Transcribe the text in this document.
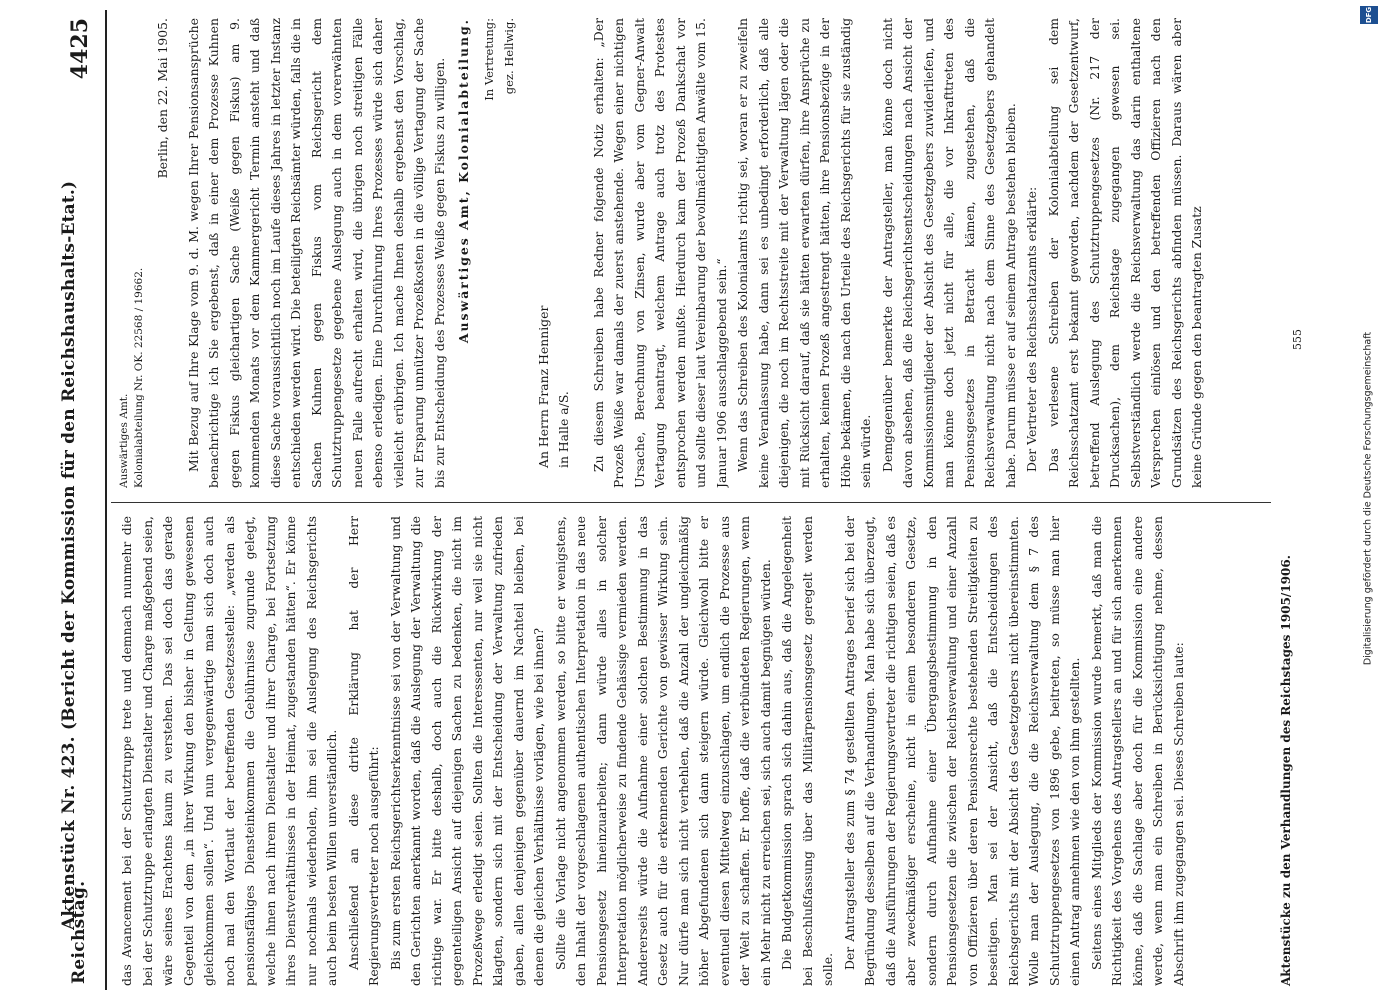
Reichstag.
Aktenstück Nr. 423. (Bericht der Kommission für den Reichshaushalts-Etat.)
4425

das Avancement bei der Schutztruppe trete und demnach nunmehr die bei der Schutztruppe erlangten Dienstalter und Charge maßgebend seien, wäre seines Erachtens kaum zu verstehen. Das sei doch das gerade Gegenteil von dem „in ihrer Wirkung den bisher in Geltung gewesenen gleichkommen sollen“. Und nun vergegenwärtige man sich doch auch noch mal den Wortlaut der betreffenden Gesetzesstelle: „werden als pensionsfähiges Diensteinkommen die Gebührnisse zugrunde gelegt, welche ihnen nach ihrem Dienstalter und ihrer Charge, bei Fortsetzung ihres Dienstverhältnisses in der Heimat, zugestanden hätten“. Er könne nur nochmals wiederholen, ihm sei die Auslegung des Reichsgerichts auch beim besten Willen unverständlich. Anschließend an diese dritte Erklärung hat der Herr Regierungsvertreter noch ausgeführt: Bis zum ersten Reichsgerichtserkenntnisse sei von der Verwaltung und den Gerichten anerkannt worden, daß die Auslegung der Verwaltung die richtige war. Er bitte deshalb, doch auch die Rückwirkung der gegenteiligen Ansicht auf diejenigen Sachen zu bedenken, die nicht im Prozeßwege erledigt seien. Sollten die Interessenten, nur weil sie nicht klagten, sondern sich mit der Entscheidung der Verwaltung zufrieden gaben, allen denjenigen gegenüber dauernd im Nachteil bleiben, bei denen die gleichen Verhältnisse vorlägen, wie bei ihnen? Sollte die Vorlage nicht angenommen werden, so bitte er wenigstens, den Inhalt der vorgeschlagenen authentischen Interpretation in das neue Pensionsgesetz hineinzuarbeiten; dann würde alles in solcher Interpretation möglicherweise zu findende Gehässige vermieden werden. Andererseits würde die Aufnahme einer solchen Bestimmung in das Gesetz auch für die erkennenden Gerichte von gewisser Wirkung sein. Nur dürfe man sich nicht verhehlen, daß die Anzahl der ungleichmäßig höher Abgefundenen sich dann steigern würde. Gleichwohl bitte er eventuell diesen Mittelweg einzuschlagen, um endlich die Prozesse aus der Welt zu schaffen. Er hoffe, daß die verbündeten Regierungen, wenn ein Mehr nicht zu erreichen sei, sich auch damit begnügen würden. Die Budgetkommission sprach sich dahin aus, daß die Angelegenheit bei Beschlußfassung über das Militärpensionsgesetz geregelt werden solle. Der Antragsteller des zum § 74 gestellten Antrages berief sich bei der Begründung desselben auf die Verhandlungen. Man habe sich überzeugt, daß die Ausführungen der Regierungsvertreter die richtigen seien, daß es aber zweckmäßiger erscheine, nicht in einem besonderen Gesetze, sondern durch Aufnahme einer Übergangsbestimmung in den Pensionsgesetzen die zwischen der Reichsverwaltung und einer Anzahl von Offizieren über deren Pensionsrechte bestehenden Streitigkeiten zu beseitigen. Man sei der Ansicht, daß die Entscheidungen des Reichsgerichts mit der Absicht des Gesetzgebers nicht übereinstimmten. Wolle man der Auslegung, die die Reichsverwaltung dem § 7 des Schutztruppengesetzes von 1896 gebe, beitreten, so müsse man hier einen Antrag annehmen wie den von ihm gestellten. Seitens eines Mitglieds der Kommission wurde bemerkt, daß man die Richtigkeit des Vorgehens des Antragstellers an und für sich anerkennen könne, daß die Sachlage aber doch für die Kommission eine andere werde, wenn man ein Schreiben in Berücksichtigung nehme, dessen Abschrift ihm zugegangen sei. Dieses Schreiben laute:

Auswärtiges Amt. Kolonialabteilung Nr. OK. 22568 / 19662.
Berlin, den 22. Mai 1905. Mit Bezug auf Ihre Klage vom 9. d. M. wegen Ihrer Pensionsansprüche benachrichtige ich Sie ergebenst, daß in einer dem Prozesse Kuhnen gegen Fiskus gleichartigen Sache (Weiße gegen Fiskus) am 9. kommenden Monats vor dem Kammergericht Termin ansteht und daß diese Sache voraussichtlich noch im Laufe dieses Jahres in letzter Instanz entschieden werden wird. Die beteiligten Reichsämter würden, falls die in Sachen Kuhnen gegen Fiskus vom Reichsgericht dem Schutztruppengesetze gegebene Auslegung auch in dem vorerwähnten neuen Falle aufrecht erhalten wird, die übrigen noch streitigen Fälle ebenso erledigen. Eine Durchführung Ihres Prozesses würde sich daher vielleicht erübrigen. Ich mache Ihnen deshalb ergebenst den Vorschlag, zur Ersparung unnützer Prozeßkosten in die völlige Vertagung der Sache bis zur Entscheidung des Prozesses Weiße gegen Fiskus zu willigen. Auswärtiges Amt, Kolonialabteilung. In Vertretung: gez. Hellwig.
An Herrn Franz Henniger in Halle a/S. Zu diesem Schreiben habe Redner folgende Notiz erhalten: „Der Prozeß Weiße war damals der zuerst anstehende. Wegen einer nichtigen Ursache, Berechnung von Zinsen, wurde aber vom Gegner-Anwalt Vertagung beantragt, welchem Antrage auch trotz des Protestes entsprochen werden mußte. Hierdurch kam der Prozeß Dankschat vor und sollte dieser laut Vereinbarung der bevollmächtigten Anwälte vom 15. Januar 1906 ausschlaggebend sein.“ Wenn das Schreiben des Kolonialamts richtig sei, woran er zu zweifeln keine Veranlassung habe, dann sei es unbedingt erforderlich, daß alle diejenigen, die noch im Rechtsstreite mit der Verwaltung lägen oder die mit Rücksicht darauf, daß sie hätten erwarten dürfen, ihre Ansprüche zu erhalten, keinen Prozeß angestrengt hätten, ihre Pensionsbezüge in der Höhe bekämen, die nach den Urteile des Reichsgerichts für sie zuständig sein würde. Demgegenüber bemerkte der Antragsteller, man könne doch nicht davon absehen, daß die Reichsgerichtsentscheidungen nach Ansicht der Kommissionsmitglieder der Absicht des Gesetzgebers zuwiderliefen, und man könne doch jetzt nicht für alle, die vor Inkrafttreten des Pensionsgesetzes in Betracht kämen, zugestehen, daß die Reichsverwaltung nicht nach dem Sinne des Gesetzgebers gehandelt habe. Darum müsse er auf seinem Antrage bestehen bleiben. Der Vertreter des Reichsschatzamts erklärte: Das verlesene Schreiben der Kolonialabteilung sei dem Reichsschatzamt erst bekannt geworden, nachdem der Gesetzentwurf, betreffend Auslegung des Schutztruppengesetzes (Nr. 217 der Drucksachen), dem Reichstage zugegangen gewesen sei. Selbstverständlich werde die Reichsverwaltung das darin enthaltene Versprechen einlösen und den betreffenden Offizieren nach den Grundsätzen des Reichsgerichts abfinden müssen. Daraus wären aber keine Gründe gegen den beantragten Zusatz

Aktenstücke zu den Verhandlungen des Reichstages 1905/1906.
555
DFG
Digitalisierung gefördert durch die Deutsche Forschungsgemeinschaft
